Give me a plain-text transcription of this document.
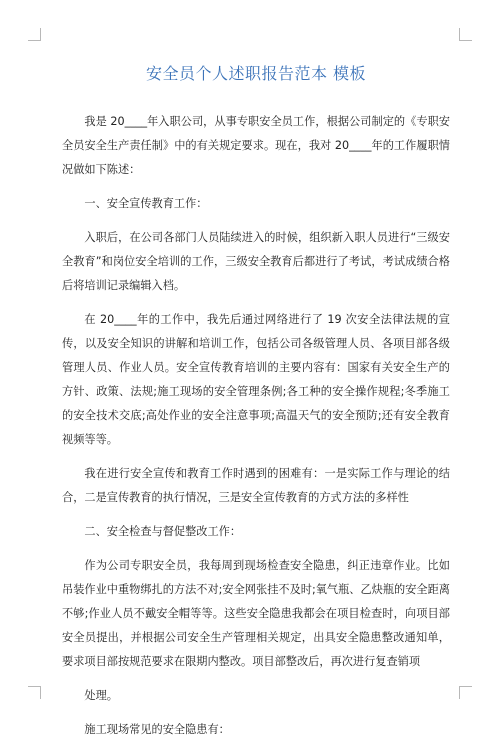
安全员个人述职报告范本 模板

我是 20____年入职公司，从事专职安全员工作，根据公司制定的《专职安全员安全生产责任制》中的有关规定要求。现在，我对 20____年的工作履职情况做如下陈述：

一、安全宣传教育工作：

入职后，在公司各部门人员陆续进入的时候，组织新入职人员进行“三级安全教育”和岗位安全培训的工作，三级安全教育后都进行了考试，考试成绩合格后将培训记录编辑入档。

在 20____年的工作中，我先后通过网络进行了 19 次安全法律法规的宣传，以及安全知识的讲解和培训工作，包括公司各级管理人员、各项目部各级管理人员、作业人员。安全宣传教育培训的主要内容有：国家有关安全生产的方针、政策、法规;施工现场的安全管理条例;各工种的安全操作规程;冬季施工的安全技术交底;高处作业的安全注意事项;高温天气的安全预防;还有安全教育视频等等。

我在进行安全宣传和教育工作时遇到的困难有：一是实际工作与理论的结合，二是宣传教育的执行情况，三是安全宣传教育的方式方法的多样性

二、安全检查与督促整改工作：

作为公司专职安全员，我每周到现场检查安全隐患，纠正违章作业。比如吊装作业中重物绑扎的方法不对;安全网张挂不及时;氧气瓶、乙炔瓶的安全距离不够;作业人员不戴安全帽等等。这些安全隐患我都会在项目检查时，向项目部安全员提出，并根据公司安全生产管理相关规定，出具安全隐患整改通知单，要求项目部按规范要求在限期内整改。项目部整改后，再次进行复查销项

处理。

施工现场常见的安全隐患有：
